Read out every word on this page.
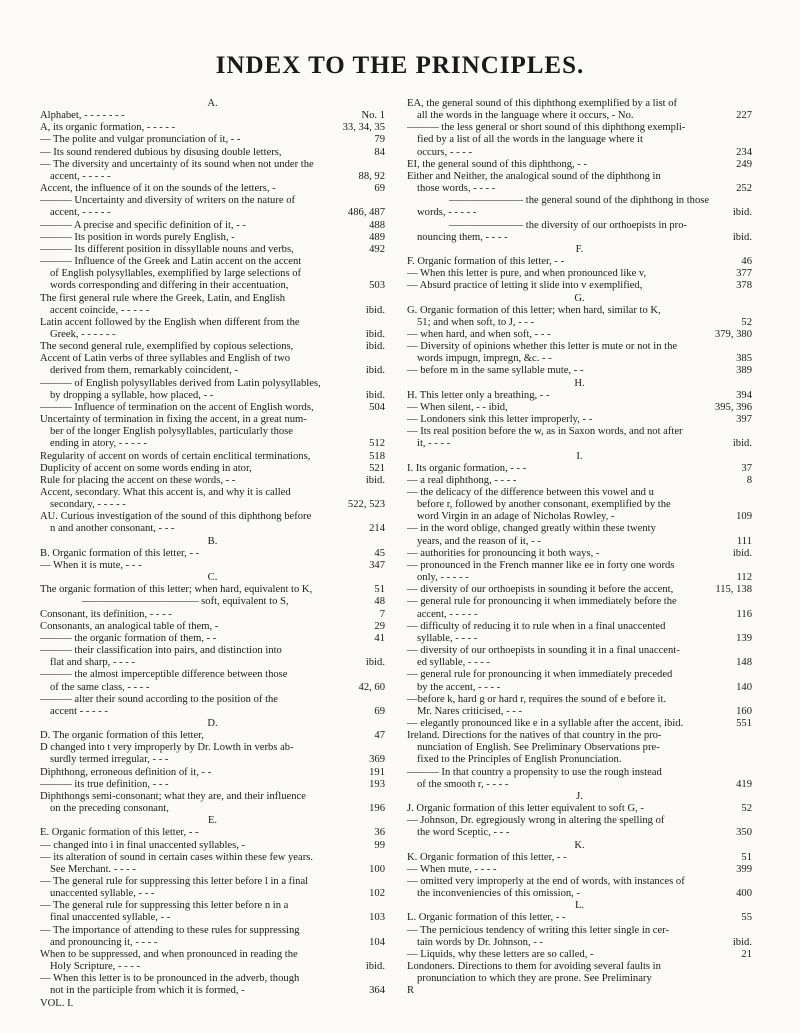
INDEX TO THE PRINCIPLES.
A.
Alphabet, - - - - - - -	No. 1
A, its organic formation, - - - - -	33, 34, 35
— The polite and vulgar pronunciation of it, - -	79
— Its sound rendered dubious by disusing double letters,	84
— The diversity and uncertainty of its sound when not under the
accent, - - - - -	88, 92
Accent, the influence of it on the sounds of the letters, -	69
——— Uncertainty and diversity of writers on the nature of
accent, - - - - -	486, 487
——— A precise and specific definition of it, - -	488
——— Its position in words purely English, -	489
——— Its different position in dissyllable nouns and verbs,	492
——— Influence of the Greek and Latin accent on the accent
of English polysyllables, exemplified by large selections of
words corresponding and differing in their accentuation,	503
The first general rule where the Greek, Latin, and English
accent coincide, - - - - -	ibid.
Latin accent followed by the English when different from the
Greek, - - - - - -	ibid.
The second general rule, exemplified by copious selections,	ibid.
Accent of Latin verbs of three syllables and English of two
derived from them, remarkably coincident, -	ibid.
——— of English polysyllables derived from Latin polysyllables,
by dropping a syllable, how placed, - -	ibid.
——— Influence of termination on the accent of English words,	504
Uncertainty of termination in fixing the accent, in a great num-
ber of the longer English polysyllables, particularly those
ending in atory, - - - - -	512
Regularity of accent on words of certain enclitical terminations,	518
Duplicity of accent on some words ending in ator,	521
Rule for placing the accent on these words, - -	ibid.
Accent, secondary. What this accent is, and why it is called
secondary, - - - - -	522, 523
AU. Curious investigation of the sound of this diphthong before
n and another consonant, - - -	214
B.
B. Organic formation of this letter, - -	45
— When it is mute, - - -	347
C.
The organic formation of this letter; when hard, equivalent to K,	51
——————————— soft, equivalent to S,	48
Consonant, its definition, - - - -	7
Consonants, an analogical table of them, -	29
——— the organic formation of them, - -	41
——— their classification into pairs, and distinction into
flat and sharp, - - - -	ibid.
——— the almost imperceptible difference between those
of the same class, - - - -	42, 60
——— alter their sound according to the position of the
accent - - - - -	69
D.
D. The organic formation of this letter,	47
D changed into t very improperly by Dr. Lowth in verbs ab-
surdly termed irregular, - - -	369
Diphthong, erroneous definition of it, - -	191
——— its true definition, - - -	193
Diphthongs semi-consonant; what they are, and their influence
on the preceding consonant,	196
E.
E. Organic formation of this letter, - -	36
— changed into i in final unaccented syllables, -	99
— its alteration of sound in certain cases within these few years.
See Merchant. - - - -	100
— The general rule for suppressing this letter before l in a final
unaccented syllable, - - -	102
— The general rule for suppressing this letter before n in a
final unaccented syllable, - -	103
— The importance of attending to these rules for suppressing
and pronouncing it, - - - -	104
When to be suppressed, and when pronounced in reading the
Holy Scripture, - - - -	ibid.
— When this letter is to be pronounced in the adverb, though
not in the participle from which it is formed, -	364
VOL. I.
EA, the general sound of this diphthong exemplified by a list of
all the words in the language where it occurs, - No.	227
——— the less general or short sound of this diphthong exempli-
fied by a list of all the words in the language where it
occurs, - - - -	234
EI, the general sound of this diphthong, - -	249
Either and Neither, the analogical sound of the diphthong in
those words, - - - -	252
——————— the general sound of the diphthong in those
words, - - - - -	ibid.
——————— the diversity of our orthoepists in pro-
nouncing them, - - - -	ibid.
F.
F. Organic formation of this letter, - -	46
— When this letter is pure, and when pronounced like v,	377
— Absurd practice of letting it slide into v exemplified,	378
G.
G. Organic formation of this letter; when hard, similar to K,
51; and when soft, to J, - - -	52
— when hard, and when soft, - - -	379, 380
— Diversity of opinions whether this letter is mute or not in the
words impugn, impregn, &c. - -	385
— before m in the same syllable mute, - -	389
H.
H. This letter only a breathing, - -	394
— When silent, - - ibid,	395, 396
— Londoners sink this letter improperly, - -	397
— Its real position before the w, as in Saxon words, and not after
it, - - - -	ibid.
I.
I. Its organic formation, - - -	37
— a real diphthong, - - - -	8
— the delicacy of the difference between this vowel and u
before r, followed by another consonant, exemplified by the
word Virgin in an adage of Nicholas Rowley, -	109
— in the word oblige, changed greatly within these twenty
years, and the reason of it, - -	111
— authorities for pronouncing it both ways, -	ibid.
— pronounced in the French manner like ee in forty one words
only, - - - - -	112
— diversity of our orthoepists in sounding it before the accent,	115, 138
— general rule for pronouncing it when immediately before the
accent, - - - - -	116
— difficulty of reducing it to rule when in a final unaccented
syllable, - - - -	139
— diversity of our orthoepists in sounding it in a final unaccent-
ed syllable, - - - -	148
— general rule for pronouncing it when immediately preceded
by the accent, - - - -	140
—before k, hard g or hard r, requires the sound of e before it.
Mr. Nares criticised, - - -	160
— elegantly pronounced like e in a syllable after the accent, ibid.	551
Ireland. Directions for the natives of that country in the pro-
nunciation of English. See Preliminary Observations pre-
fixed to the Principles of English Pronunciation.
——— In that country a propensity to use the rough instead
of the smooth r, - - - -	419
J.
J. Organic formation of this letter equivalent to soft G, -	52
— Johnson, Dr. egregiously wrong in altering the spelling of
the word Sceptic, - - -	350
K.
K. Organic formation of this letter, - -	51
— When mute, - - - -	399
— omitted very improperly at the end of words, with instances of
the inconveniencies of this omission, -	400
L.
L. Organic formation of this letter, - -	55
— The pernicious tendency of writing this letter single in cer-
tain words by Dr. Johnson, - -	ibid.
— Liquids, why these letters are so called, -	21
Londoners. Directions to them for avoiding several faults in
pronunciation to which they are prone. See Preliminary
R
